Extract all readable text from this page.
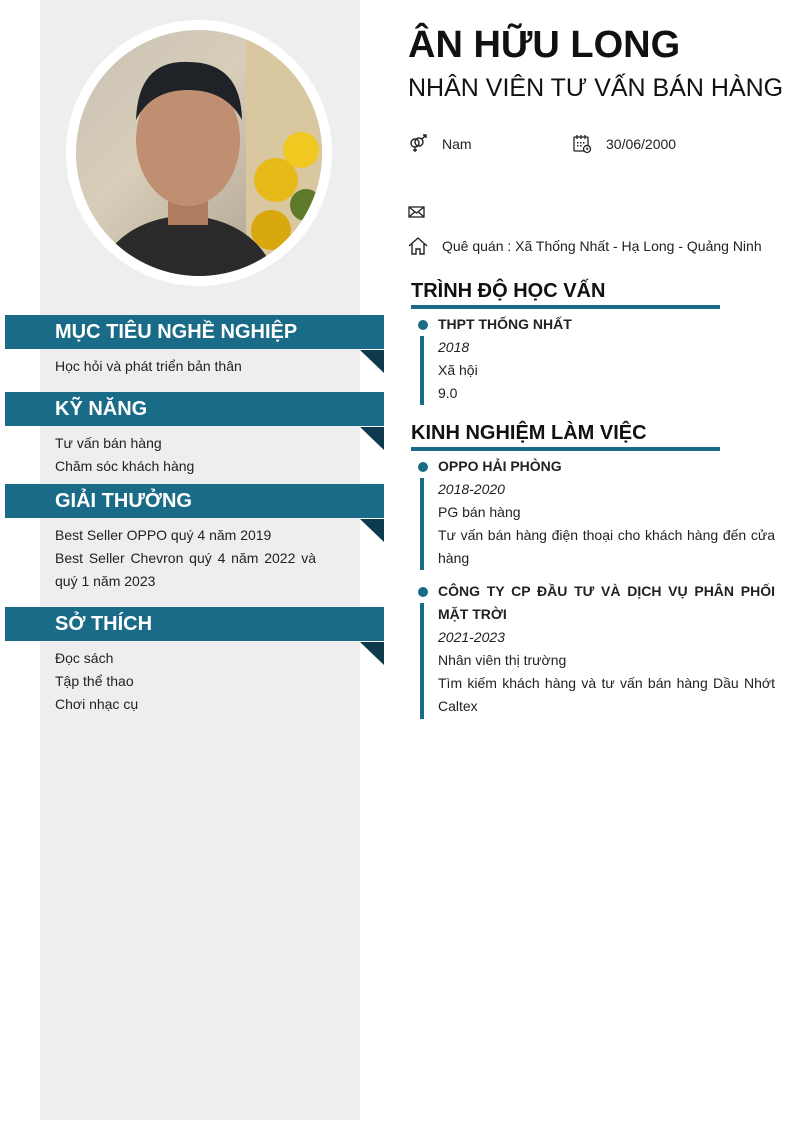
MỤC TIÊU NGHỀ NGHIỆP
Học hỏi và phát triển bản thân
KỸ NĂNG
Tư vấn bán hàng
Chăm sóc khách hàng
GIẢI THƯỞNG
Best Seller OPPO quý 4 năm 2019
Best Seller Chevron quý 4 năm 2022 và quý 1 năm 2023
SỞ THÍCH
Đọc sách
Tập thể thao
Chơi nhạc cụ
ÂN HỮU LONG
NHÂN VIÊN TƯ VẤN BÁN HÀNG
Nam	30/06/2000
Quê quán : Xã Thống Nhất - Hạ Long - Quảng Ninh
TRÌNH ĐỘ HỌC VẤN
THPT THỐNG NHẤT
2018
Xã hội
9.0
KINH NGHIỆM LÀM VIỆC
OPPO HẢI PHÒNG
2018-2020
PG bán hàng
Tư vấn bán hàng điện thoại cho khách hàng đến cửa hàng
CÔNG TY CP ĐẦU TƯ VÀ DỊCH VỤ PHÂN PHỐI MẶT TRỜI
2021-2023
Nhân viên thị trường
Tìm kiếm khách hàng và tư vấn bán hàng Dầu Nhớt Caltex
